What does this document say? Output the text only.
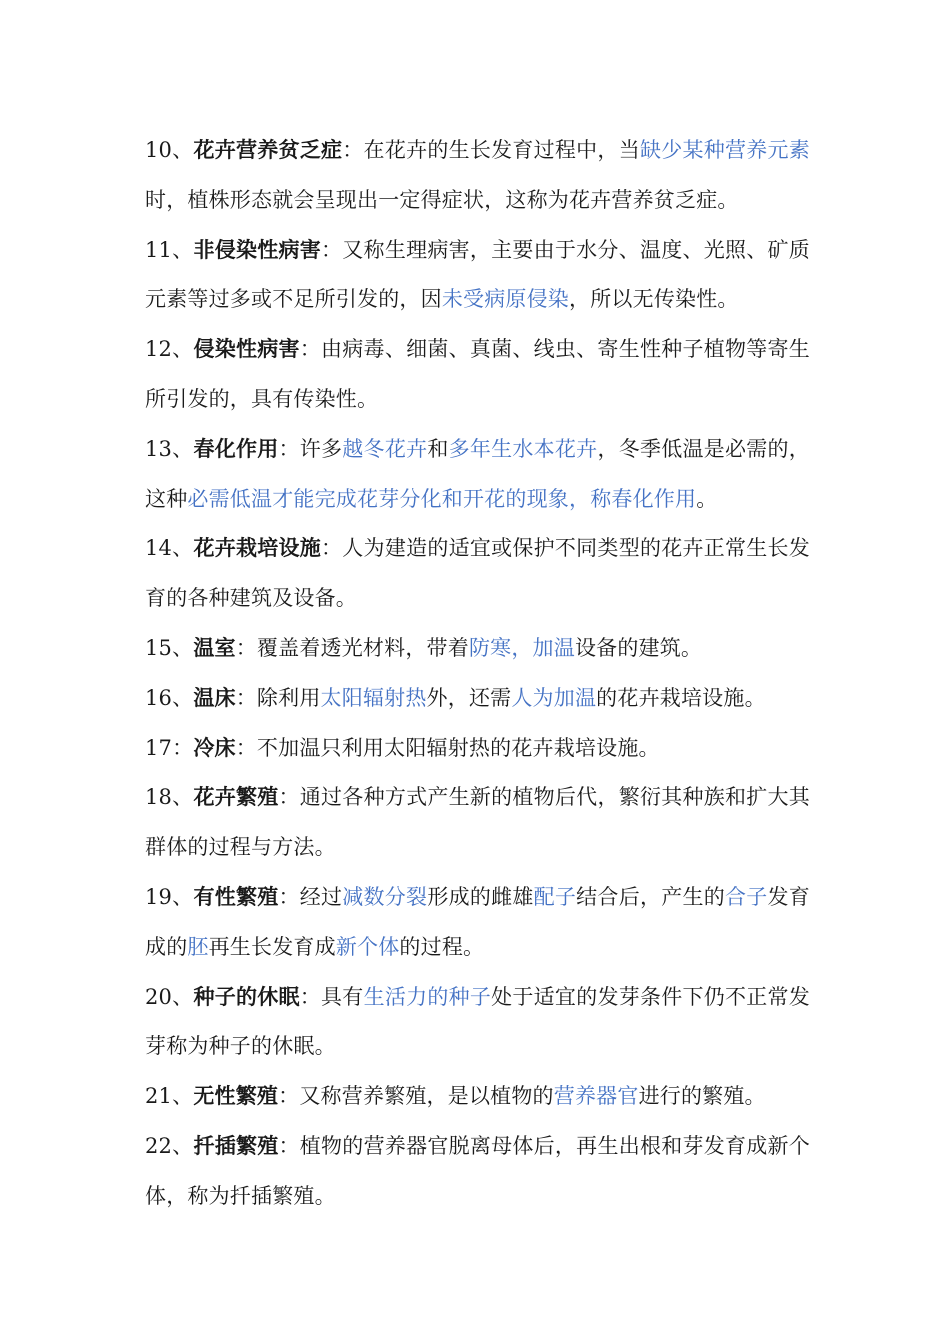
10、花卉营养贫乏症：在花卉的生长发育过程中，当缺少某种营养元素时，植株形态就会呈现出一定得症状，这称为花卉营养贫乏症。

11、非侵染性病害：又称生理病害，主要由于水分、温度、光照、矿质元素等过多或不足所引发的，因未受病原侵染，所以无传染性。

12、侵染性病害：由病毒、细菌、真菌、线虫、寄生性种子植物等寄生所引发的，具有传染性。

13、春化作用：许多越冬花卉和多年生水本花卉，冬季低温是必需的，这种必需低温才能完成花芽分化和开花的现象，称春化作用。

14、花卉栽培设施：人为建造的适宜或保护不同类型的花卉正常生长发育的各种建筑及设备。

15、温室：覆盖着透光材料，带着防寒，加温设备的建筑。

16、温床：除利用太阳辐射热外，还需人为加温的花卉栽培设施。

17：冷床：不加温只利用太阳辐射热的花卉栽培设施。

18、花卉繁殖：通过各种方式产生新的植物后代，繁衍其种族和扩大其群体的过程与方法。

19、有性繁殖：经过减数分裂形成的雌雄配子结合后，产生的合子发育成的胚再生长发育成新个体的过程。

20、种子的休眠：具有生活力的种子处于适宜的发芽条件下仍不正常发芽称为种子的休眠。

21、无性繁殖：又称营养繁殖，是以植物的营养器官进行的繁殖。

22、扦插繁殖：植物的营养器官脱离母体后，再生出根和芽发育成新个体，称为扦插繁殖。
